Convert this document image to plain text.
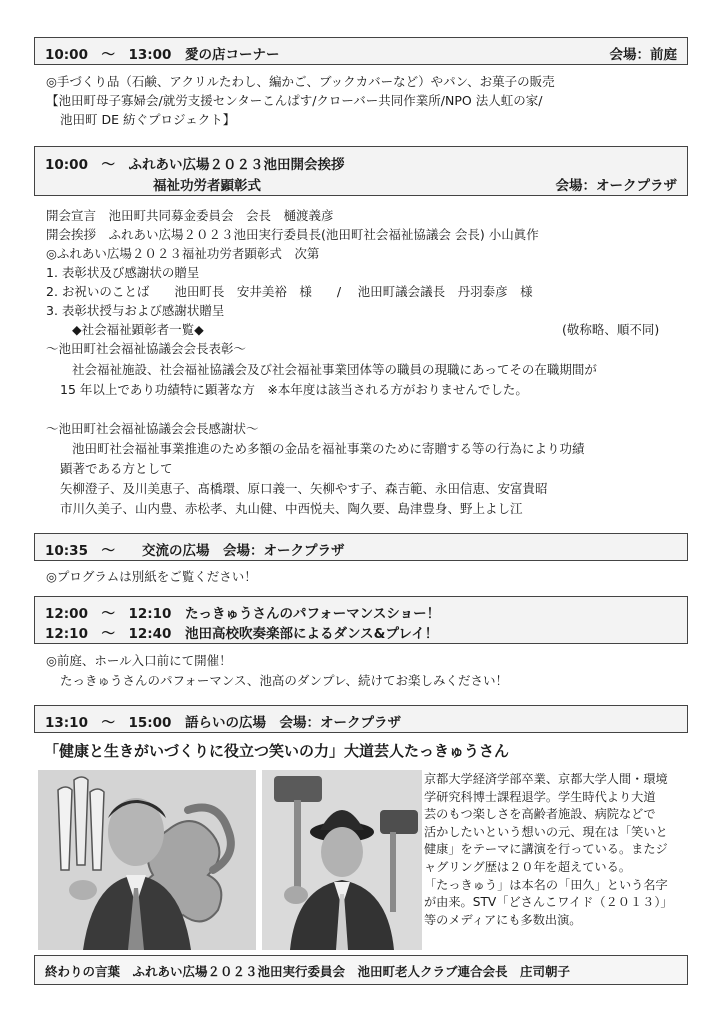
10:00　～　13:00　愛の店コーナー	会場：前庭
◎手づくり品（石鹸、アクリルたわし、編かご、ブックカバーなど）やパン、お菓子の販売
【池田町母子寡婦会/就労支援センターこんぱす/クローバー共同作業所/NPO 法人虹の家/
池田町 DE 紡ぐプロジェクト】
10:00　～　ふれあい広場２０２３池田開会挨拶
福祉功労者顕彰式	会場：オークプラザ
開会宣言　池田町共同募金委員会　会長　樋渡義彦
開会挨拶　ふれあい広場２０２３池田実行委員長(池田町社会福祉協議会 会長) 小山眞作
◎ふれあい広場２０２３福祉功労者顕彰式　次第
1. 表彰状及び感謝状の贈呈
2. お祝いのことば　　池田町長　安井美裕　様　　/　 池田町議会議長　丹羽泰彦　様
3. 表彰状授与および感謝状贈呈
◆社会福祉顕彰者一覧◆	(敬称略、順不同)
～池田町社会福祉協議会会長表彰～
社会福祉施設、社会福祉協議会及び社会福祉事業団体等の職員の現職にあってその在職期間が
15 年以上であり功績特に顕著な方　※本年度は該当される方がおりませんでした。
～池田町社会福祉協議会会長感謝状～
池田町社会福祉事業推進のため多額の金品を福祉事業のために寄贈する等の行為により功績
顕著である方として
矢柳澄子、及川美恵子、髙橋環、原口義一、矢柳やす子、森吉範、永田信恵、安富貴昭
市川久美子、山内豊、赤松孝、丸山健、中西悦夫、陶久要、島津豊身、野上よし江
10:35　～　　交流の広場　会場：オークプラザ
◎プログラムは別紙をご覧ください！
12:00　～　12:10　たっきゅうさんのパフォーマンスショー！
12:10　～　12:40　池田高校吹奏楽部によるダンス&プレイ！
◎前庭、ホール入口前にて開催！
たっきゅうさんのパフォーマンス、池高のダンプレ、続けてお楽しみください！
13:10　～　15:00　語らいの広場　会場：オークプラザ
「健康と生きがいづくりに役立つ笑いの力」大道芸人たっきゅうさん
京都大学経済学部卒業、京都大学人間・環境
学研究科博士課程退学。学生時代より大道
芸のもつ楽しさを高齢者施設、病院などで
活かしたいという想いの元、現在は「笑いと
健康」をテーマに講演を行っている。またジ
ャグリング歴は２０年を超えている。
「たっきゅう」は本名の「田久」という名字
が由来。STV「どさんこワイド（２０１３）」
等のメディアにも多数出演。
終わりの言葉　ふれあい広場２０２３池田実行委員会　池田町老人クラブ連合会長　庄司朝子
